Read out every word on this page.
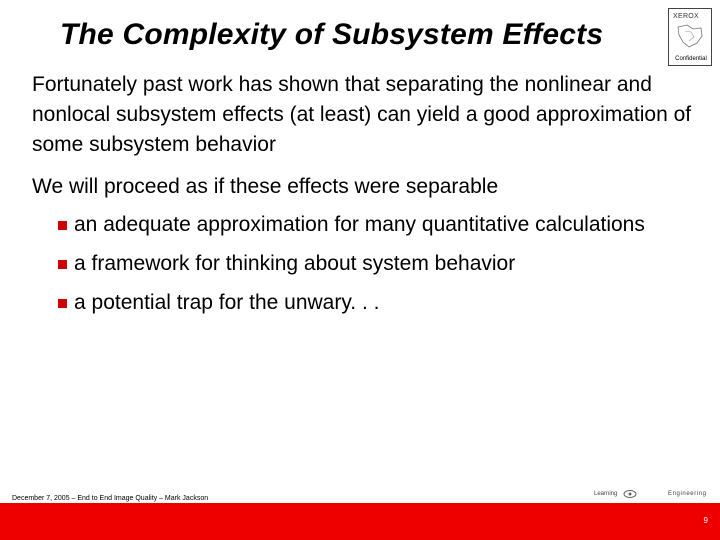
The Complexity of Subsystem Effects
XEROX
Confidential

Fortunately past work has shown that separating the nonlinear and nonlocal subsystem effects (at least) can yield a good approximation of some subsystem behavior

We will proceed as if these effects were separable

an adequate approximation for many quantitative calculations
a framework for thinking about system behavior
a potential trap for the unwary. . .
December 7, 2005 – End to End Image Quality – Mark Jackson
Learning	Engineering
9
